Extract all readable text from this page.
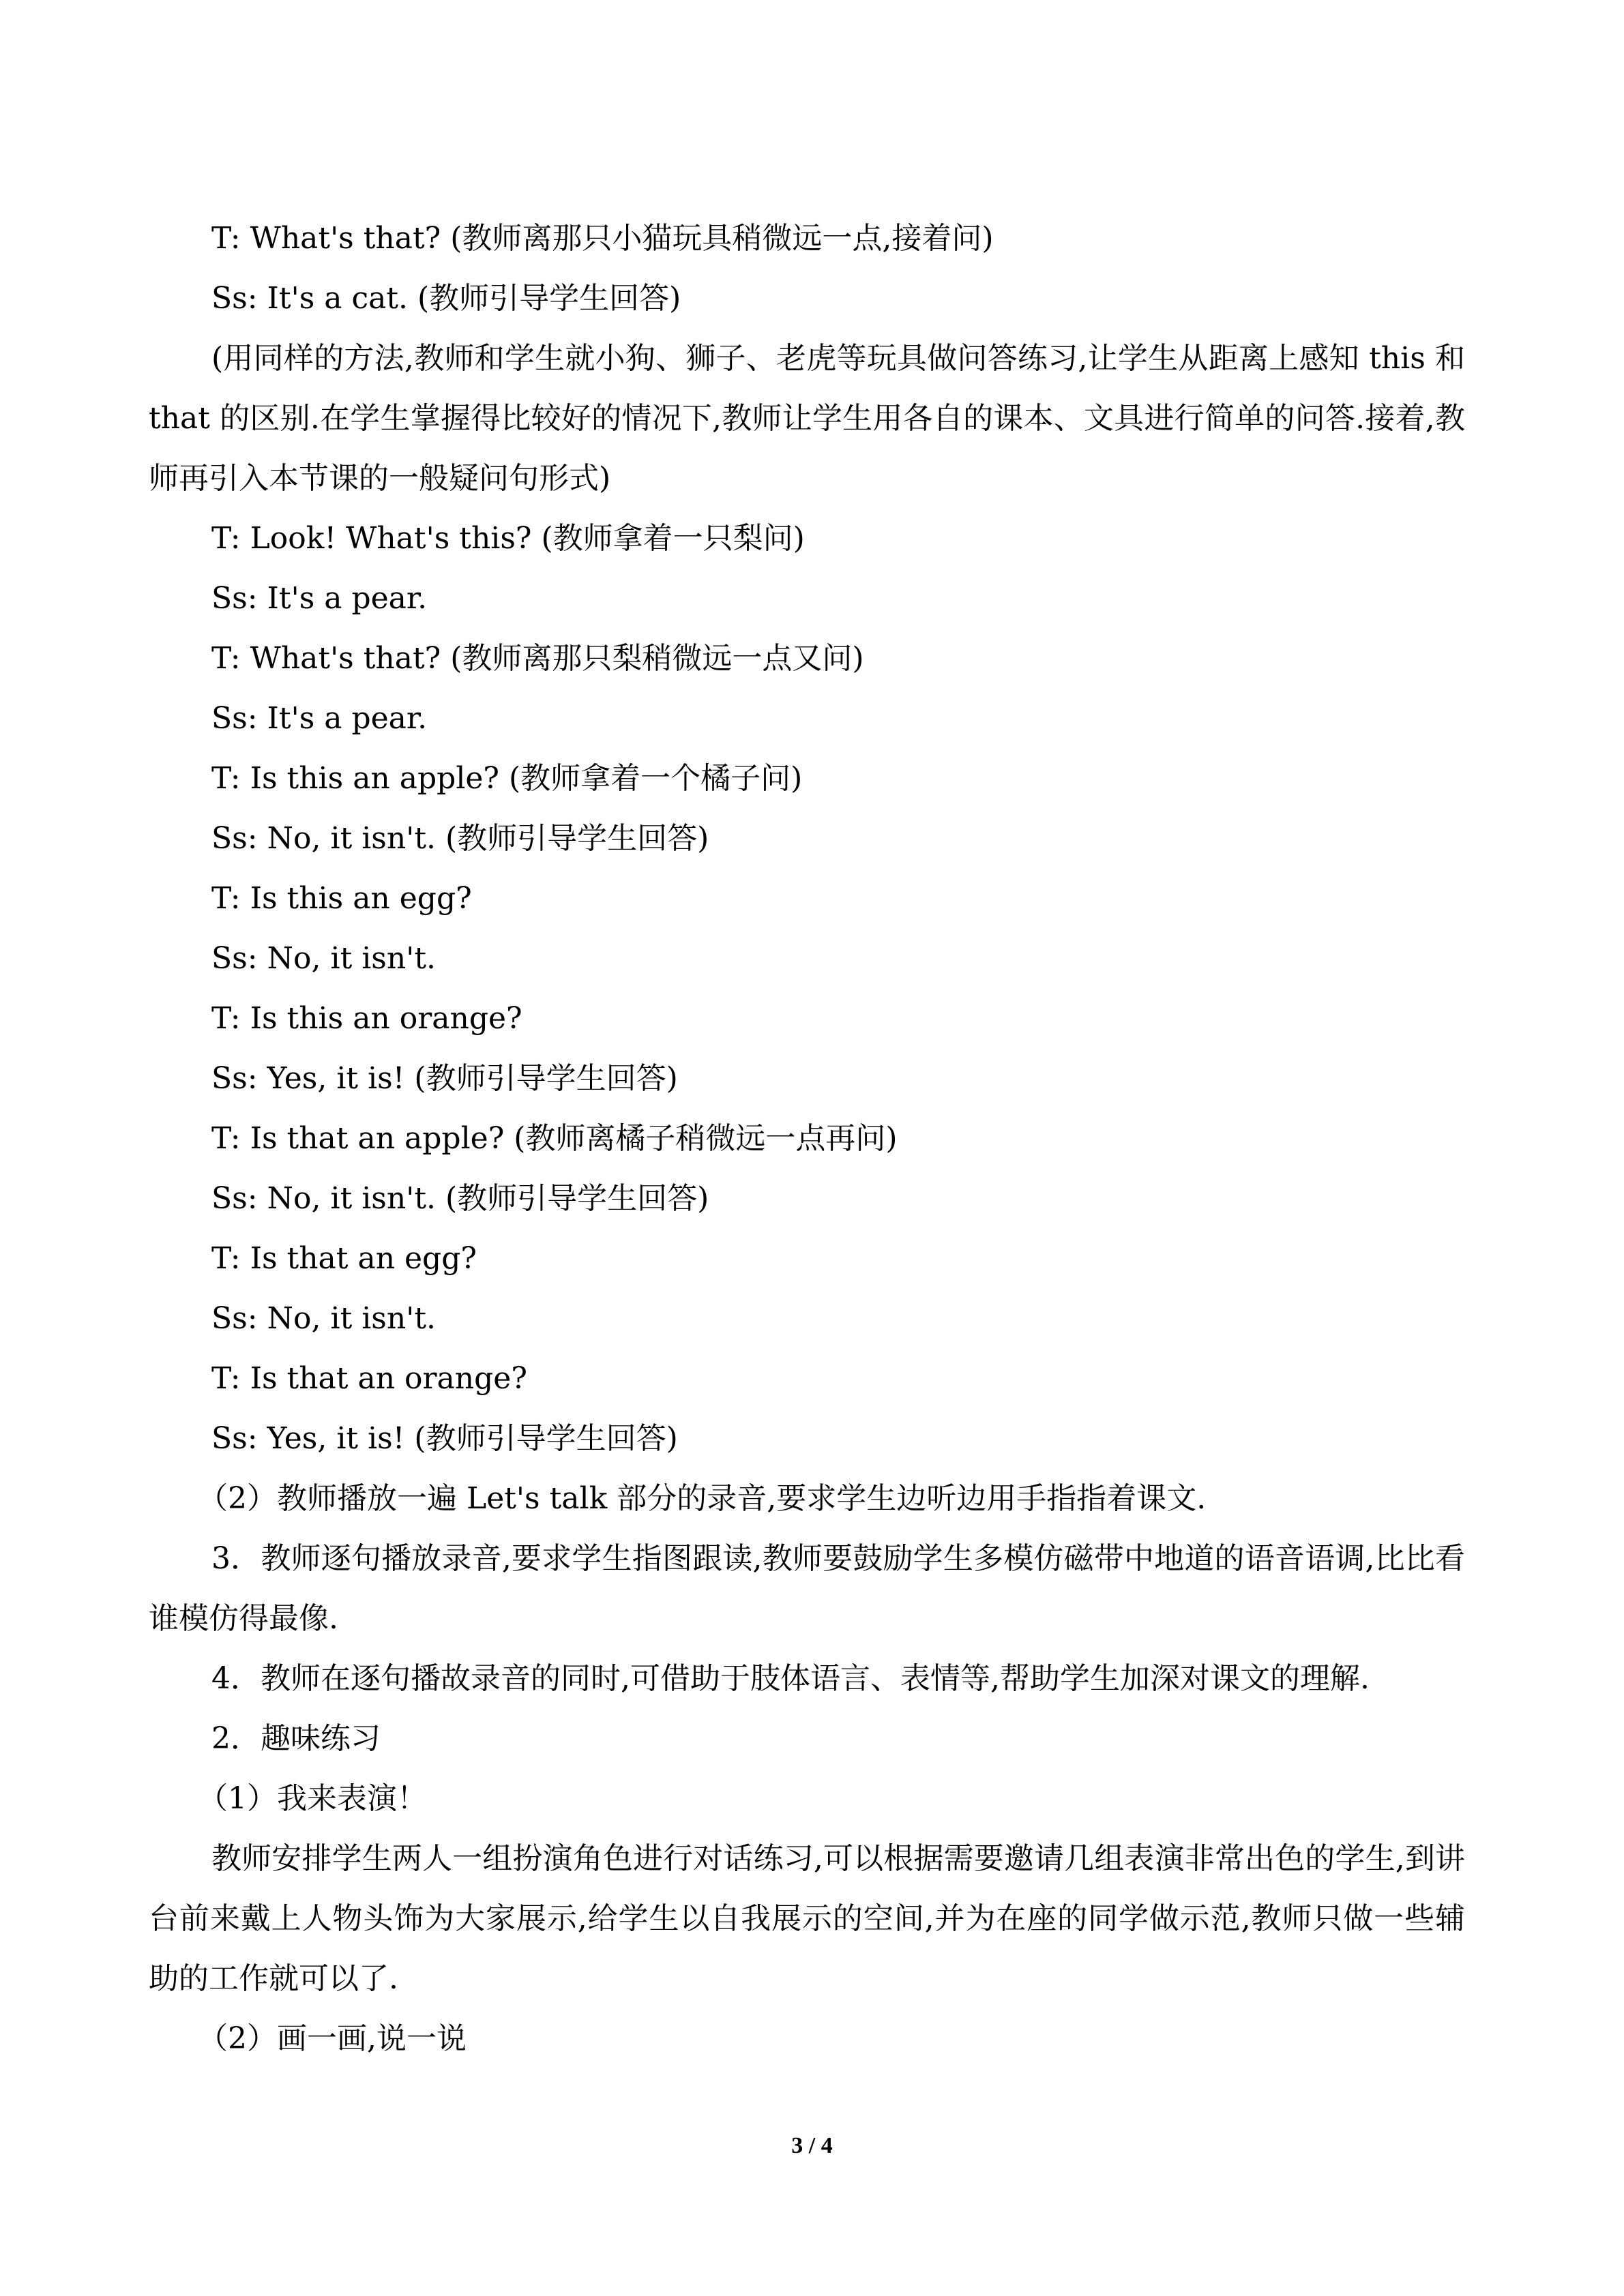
T: What's that? (教师离那只小猫玩具稍微远一点,接着问)

Ss: It's a cat. (教师引导学生回答)

(用同样的方法,教师和学生就小狗、狮子、老虎等玩具做问答练习,让学生从距离上感知 this 和 that 的区别.在学生掌握得比较好的情况下,教师让学生用各自的课本、文具进行简单的问答.接着,教师再引入本节课的一般疑问句形式)

T: Look! What's this? (教师拿着一只梨问)

Ss: It's a pear.

T: What's that? (教师离那只梨稍微远一点又问)

Ss: It's a pear.

T: Is this an apple? (教师拿着一个橘子问)

Ss: No, it isn't. (教师引导学生回答)

T: Is this an egg?

Ss: No, it isn't.

T: Is this an orange?

Ss: Yes, it is! (教师引导学生回答)

T: Is that an apple? (教师离橘子稍微远一点再问)

Ss: No, it isn't. (教师引导学生回答)

T: Is that an egg?

Ss: No, it isn't.

T: Is that an orange?

Ss: Yes, it is! (教师引导学生回答)

（2）教师播放一遍 Let's talk 部分的录音,要求学生边听边用手指指着课文.

3．教师逐句播放录音,要求学生指图跟读,教师要鼓励学生多模仿磁带中地道的语音语调,比比看谁模仿得最像.

4．教师在逐句播故录音的同时,可借助于肢体语言、表情等,帮助学生加深对课文的理解.

2．趣味练习

（1）我来表演！

教师安排学生两人一组扮演角色进行对话练习,可以根据需要邀请几组表演非常出色的学生,到讲台前来戴上人物头饰为大家展示,给学生以自我展示的空间,并为在座的同学做示范,教师只做一些辅助的工作就可以了.

（2）画一画,说一说

3 / 4
